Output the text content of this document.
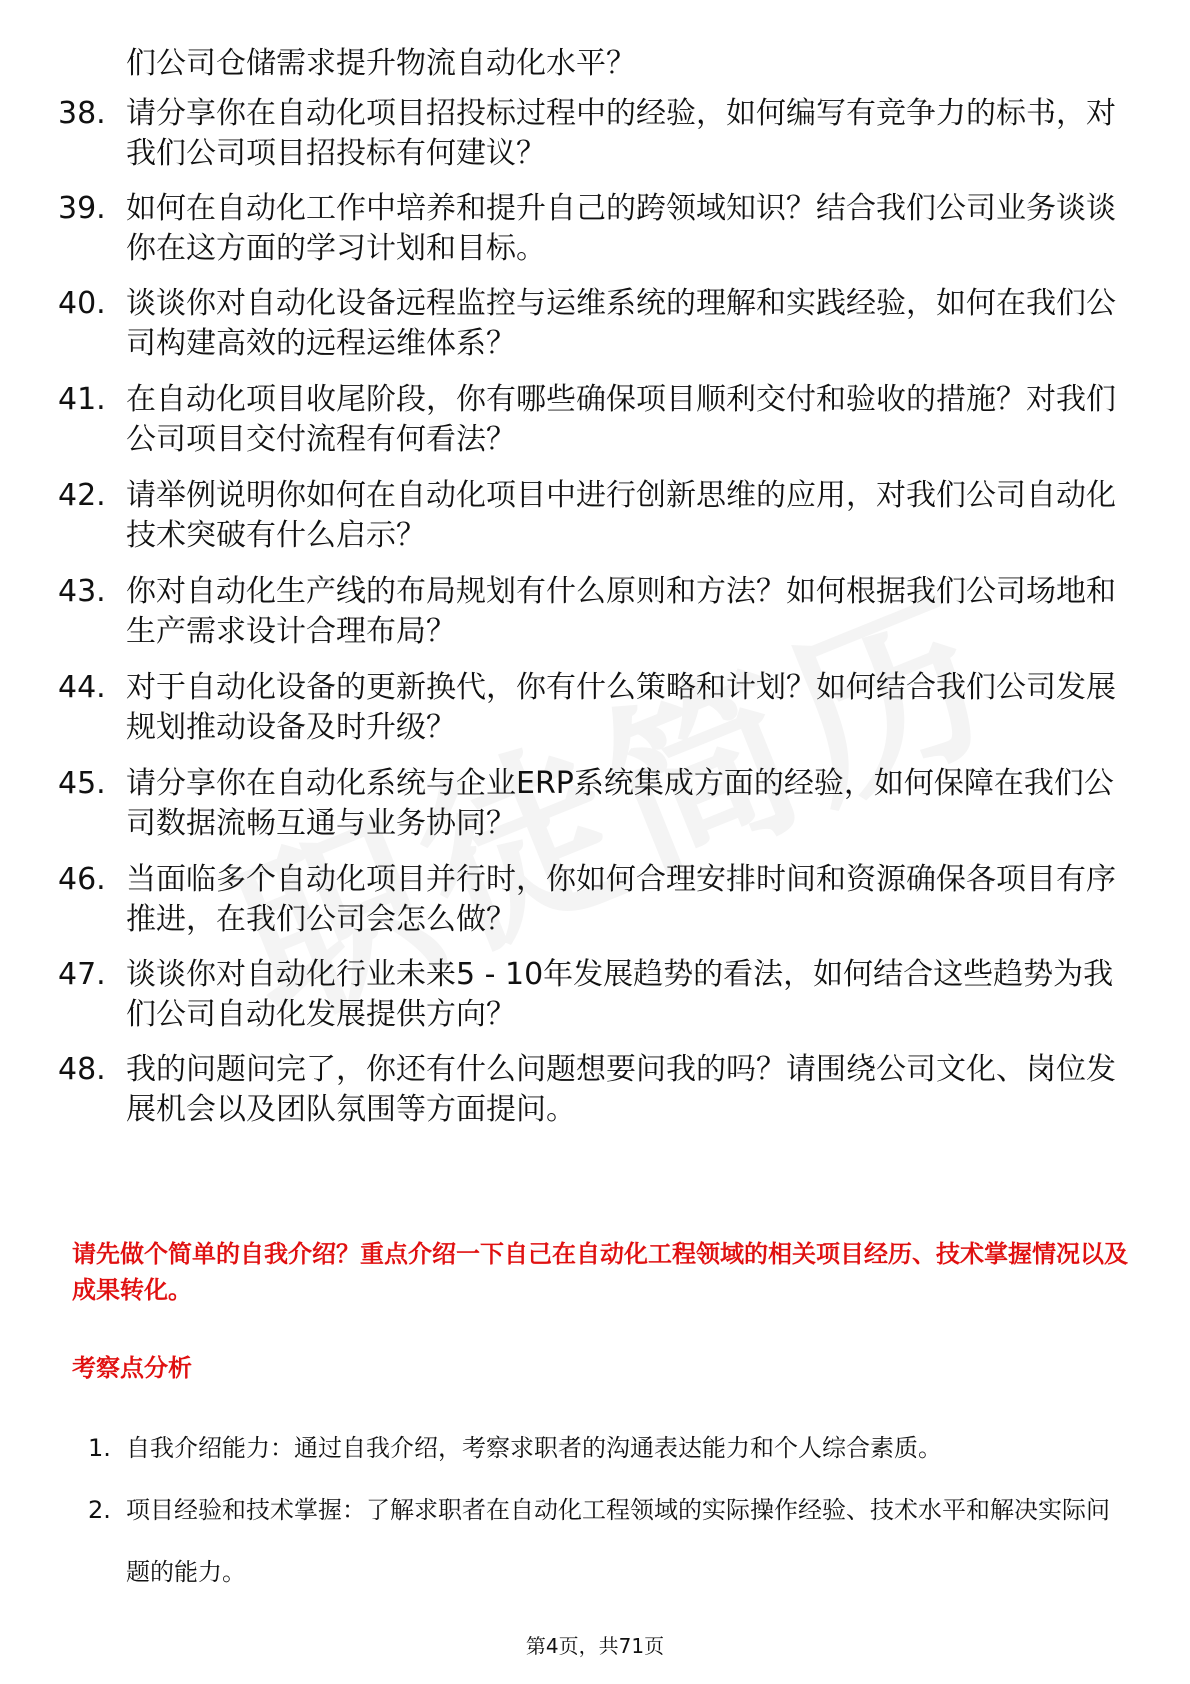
们公司仓储需求提升物流自动化水平？
38. 请分享你在自动化项目招投标过程中的经验，如何编写有竞争力的标书，对我们公司项目招投标有何建议？
39. 如何在自动化工作中培养和提升自己的跨领域知识？结合我们公司业务谈谈你在这方面的学习计划和目标。
40. 谈谈你对自动化设备远程监控与运维系统的理解和实践经验，如何在我们公司构建高效的远程运维体系？
41. 在自动化项目收尾阶段，你有哪些确保项目顺利交付和验收的措施？对我们公司项目交付流程有何看法？
42. 请举例说明你如何在自动化项目中进行创新思维的应用，对我们公司自动化技术突破有什么启示？
43. 你对自动化生产线的布局规划有什么原则和方法？如何根据我们公司场地和生产需求设计合理布局？
44. 对于自动化设备的更新换代，你有什么策略和计划？如何结合我们公司发展规划推动设备及时升级？
45. 请分享你在自动化系统与企业ERP系统集成方面的经验，如何保障在我们公司数据流畅互通与业务协同？
46. 当面临多个自动化项目并行时，你如何合理安排时间和资源确保各项目有序推进，在我们公司会怎么做？
47. 谈谈你对自动化行业未来5 - 10年发展趋势的看法，如何结合这些趋势为我们公司自动化发展提供方向？
48. 我的问题问完了，你还有什么问题想要问我的吗？请围绕公司文化、岗位发展机会以及团队氛围等方面提问。
请先做个简单的自我介绍？重点介绍一下自己在自动化工程领域的相关项目经历、技术掌握情况以及成果转化。
考察点分析
1. 自我介绍能力：通过自我介绍，考察求职者的沟通表达能力和个人综合素质。
2. 项目经验和技术掌握：了解求职者在自动化工程领域的实际操作经验、技术水平和解决实际问题的能力。
第4页，共71页
